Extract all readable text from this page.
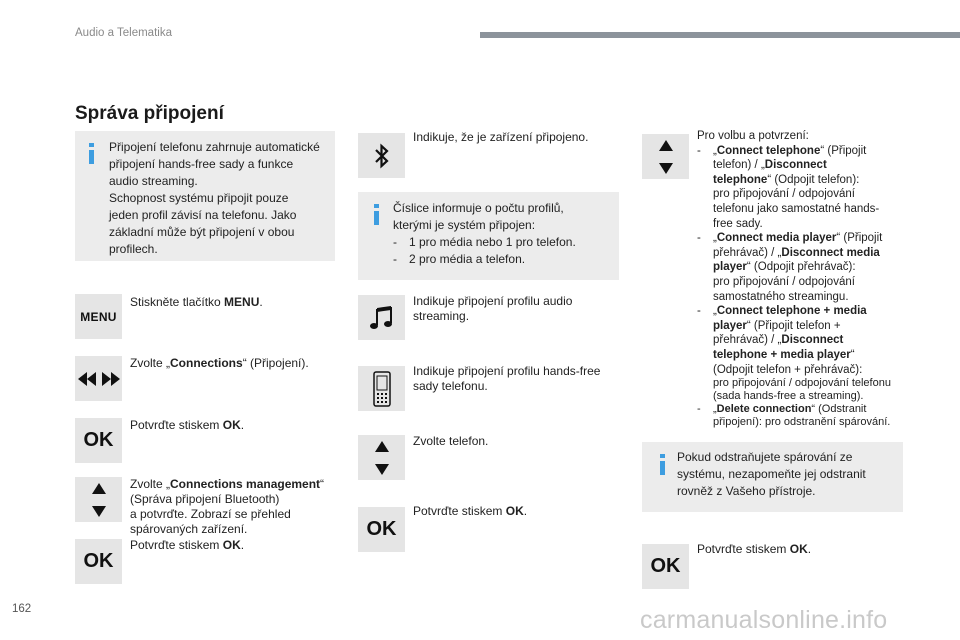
Audio a Telematika
Správa připojení
Připojení telefonu zahrnuje automatické
připojení hands-free sady a funkce
audio streaming.
Schopnost systému připojit pouze
jeden profil závisí na telefonu. Jako
základní může být připojení v obou
profilech.
MENU
Stiskněte tlačítko MENU.
Zvolte „Connections“ (Připojení).
OK
Potvrďte stiskem OK.
Zvolte „Connections management“
(Správa připojení Bluetooth)
a potvrďte. Zobrazí se přehled
spárovaných zařízení.
OK
Potvrďte stiskem OK.
Indikuje, že je zařízení připojeno.
Číslice informuje o počtu profilů,
kterými je systém připojen:
-	1 pro média nebo 1 pro telefon.
-	2 pro média a telefon.
Indikuje připojení profilu audio
streaming.
Indikuje připojení profilu hands-free
sady telefonu.
Zvolte telefon.
OK
Potvrďte stiskem OK.
Pro volbu a potvrzení:
-	„Connect telephone“ (Připojit
telefon) / „Disconnect
telephone“ (Odpojit telefon):
pro připojování / odpojování
telefonu jako samostatné hands-
free sady.
-	„Connect media player“ (Připojit
přehrávač) / „Disconnect media
player“ (Odpojit přehrávač):
pro připojování / odpojování
samostatného streamingu.
-	„Connect telephone + media
player“ (Připojit telefon +
přehrávač) / „Disconnect
telephone + media player“
(Odpojit telefon + přehrávač):
pro připojování / odpojování telefonu
(sada hands-free a streaming).
-	„Delete connection“ (Odstranit
připojení): pro odstranění spárování.
Pokud odstraňujete spárování ze
systému, nezapomeňte jej odstranit
rovněž z Vašeho přístroje.
OK
Potvrďte stiskem OK.
162	carmanualsonline.info
